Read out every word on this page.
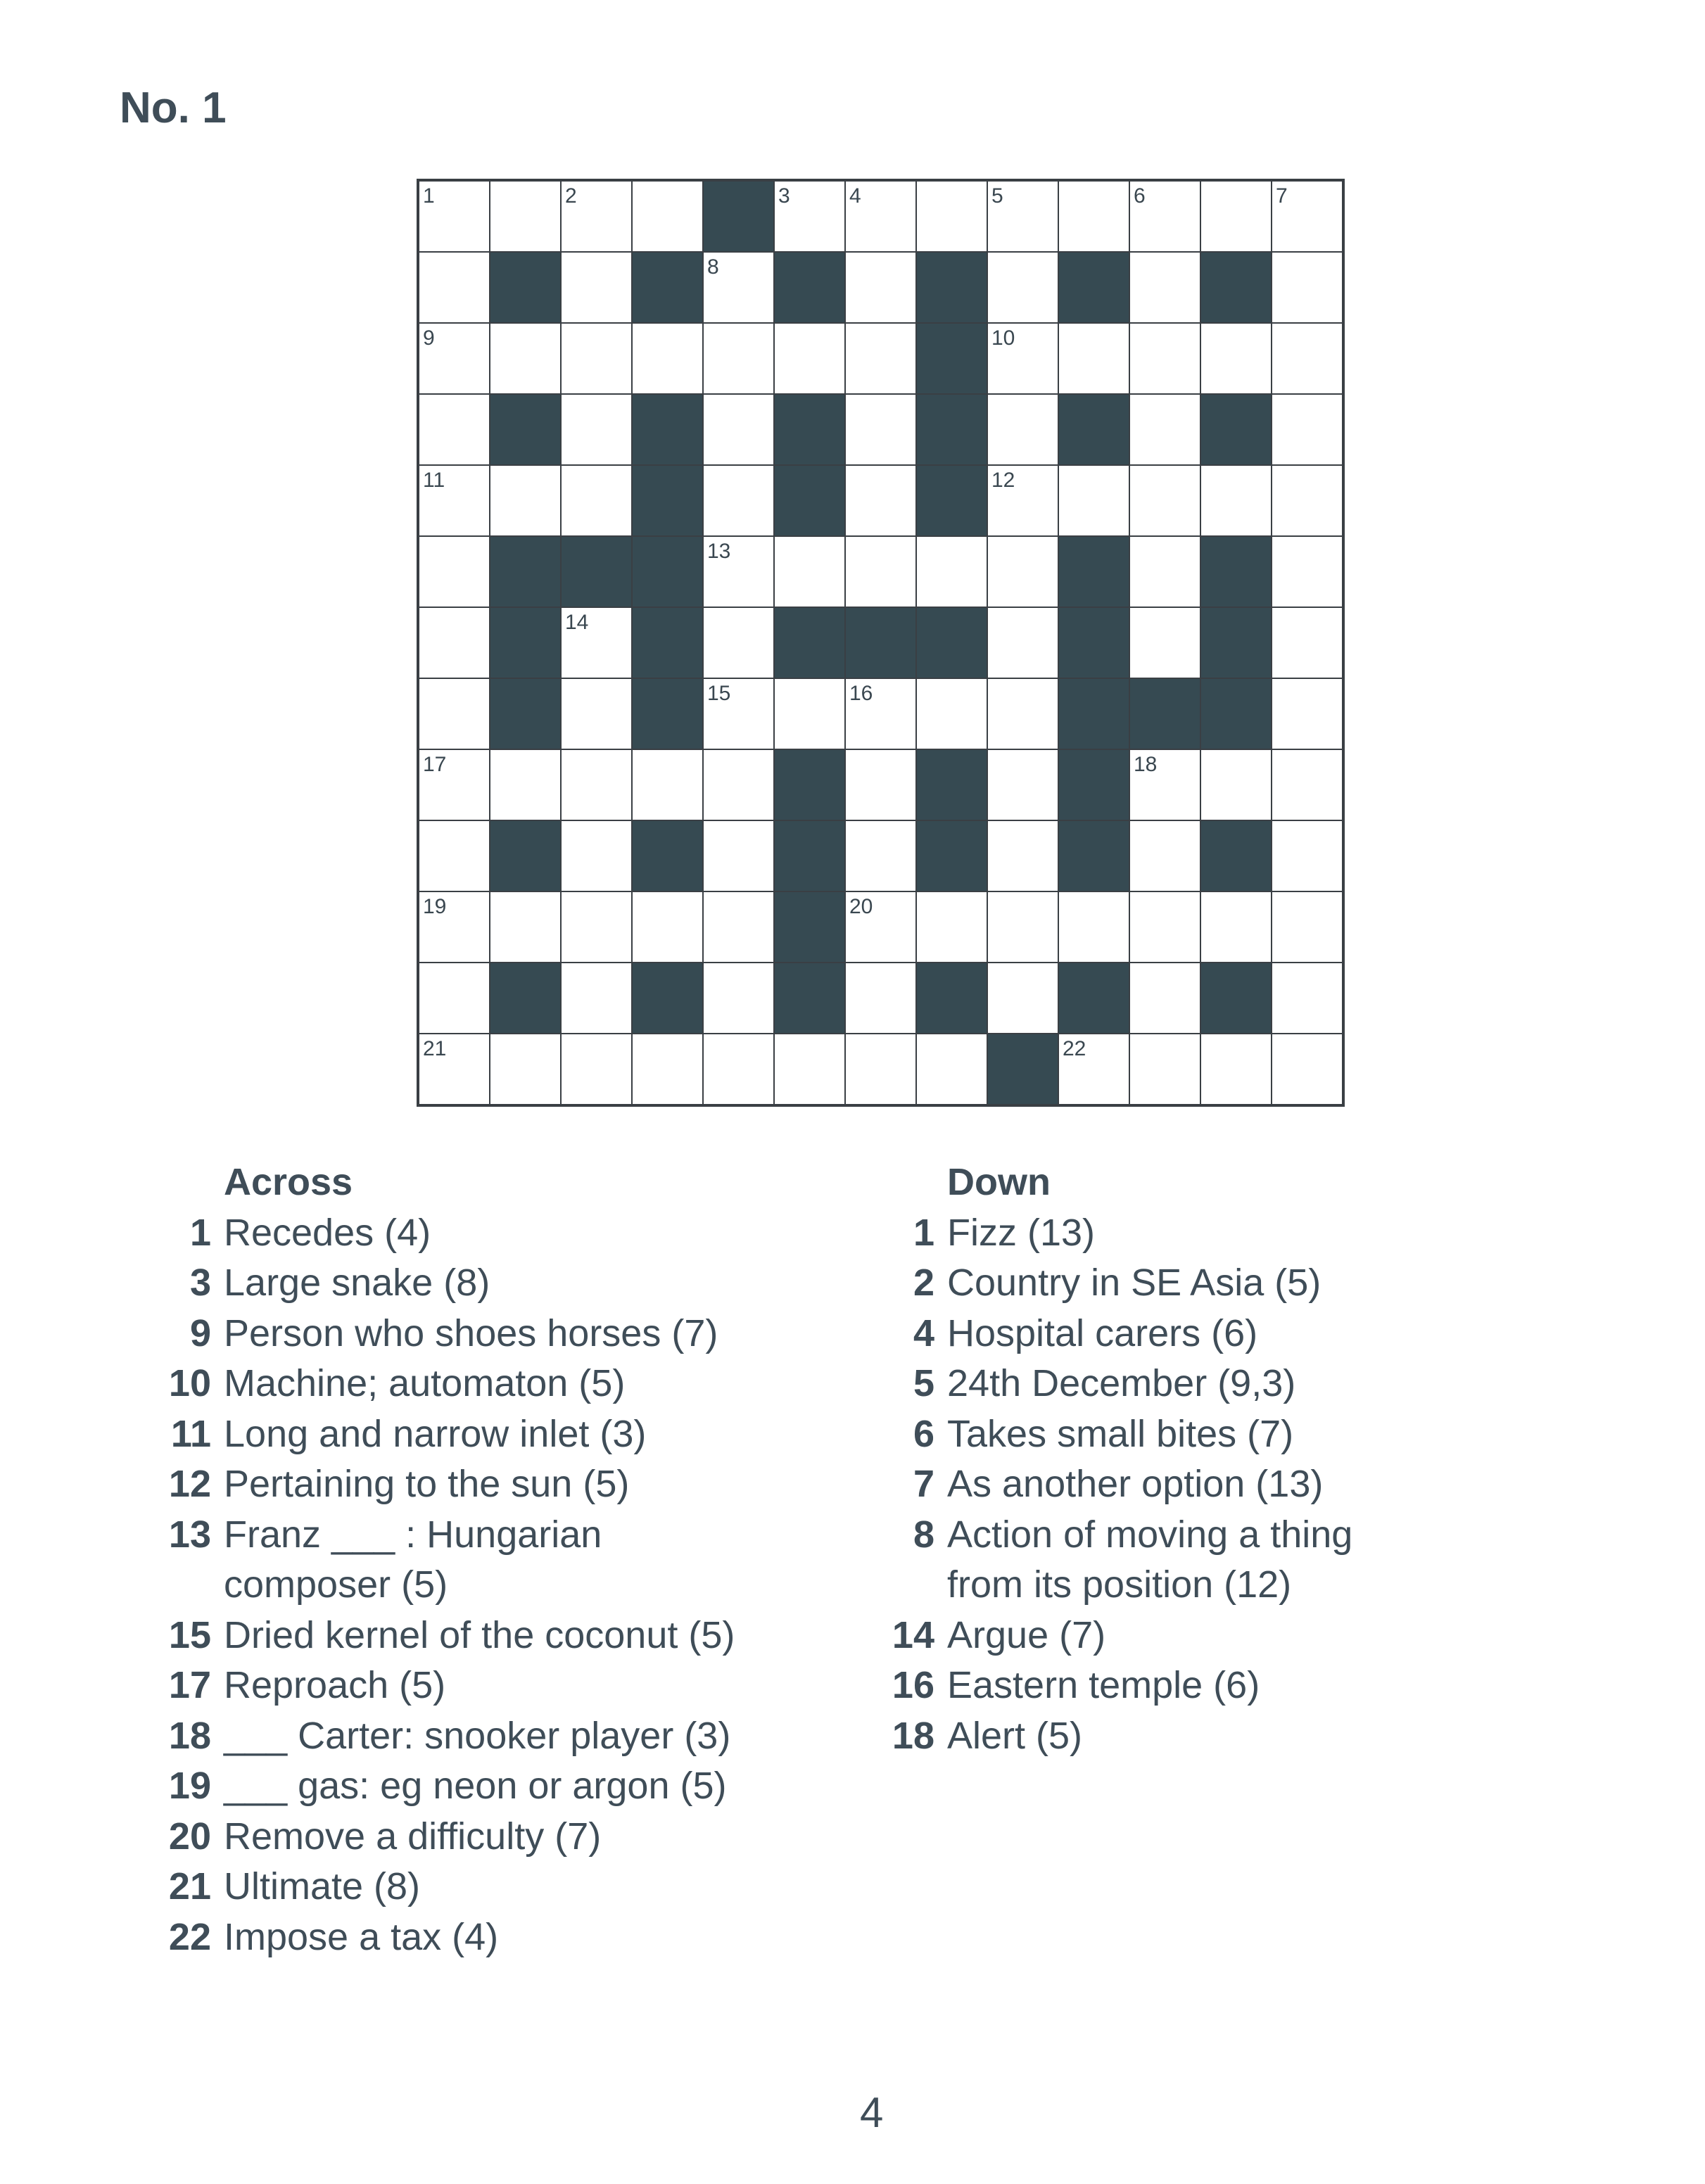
No. 1
1	2	3	4	5	6	7
8
9	10
11	12
13
14
15	16
17	18
19	20
21	22
Across
1 Recedes (4)
3 Large snake (8)
9 Person who shoes horses (7)
10 Machine; automaton (5)
11 Long and narrow inlet (3)
12 Pertaining to the sun (5)
13 Franz ___ : Hungarian
composer (5)
15 Dried kernel of the coconut (5)
17 Reproach (5)
18 ___ Carter: snooker player (3)
19 ___ gas: eg neon or argon (5)
20 Remove a difficulty (7)
21 Ultimate (8)
22 Impose a tax (4)
Down
1 Fizz (13)
2 Country in SE Asia (5)
4 Hospital carers (6)
5 24th December (9,3)
6 Takes small bites (7)
7 As another option (13)
8 Action of moving a thing
from its position (12)
14 Argue (7)
16 Eastern temple (6)
18 Alert (5)
4
